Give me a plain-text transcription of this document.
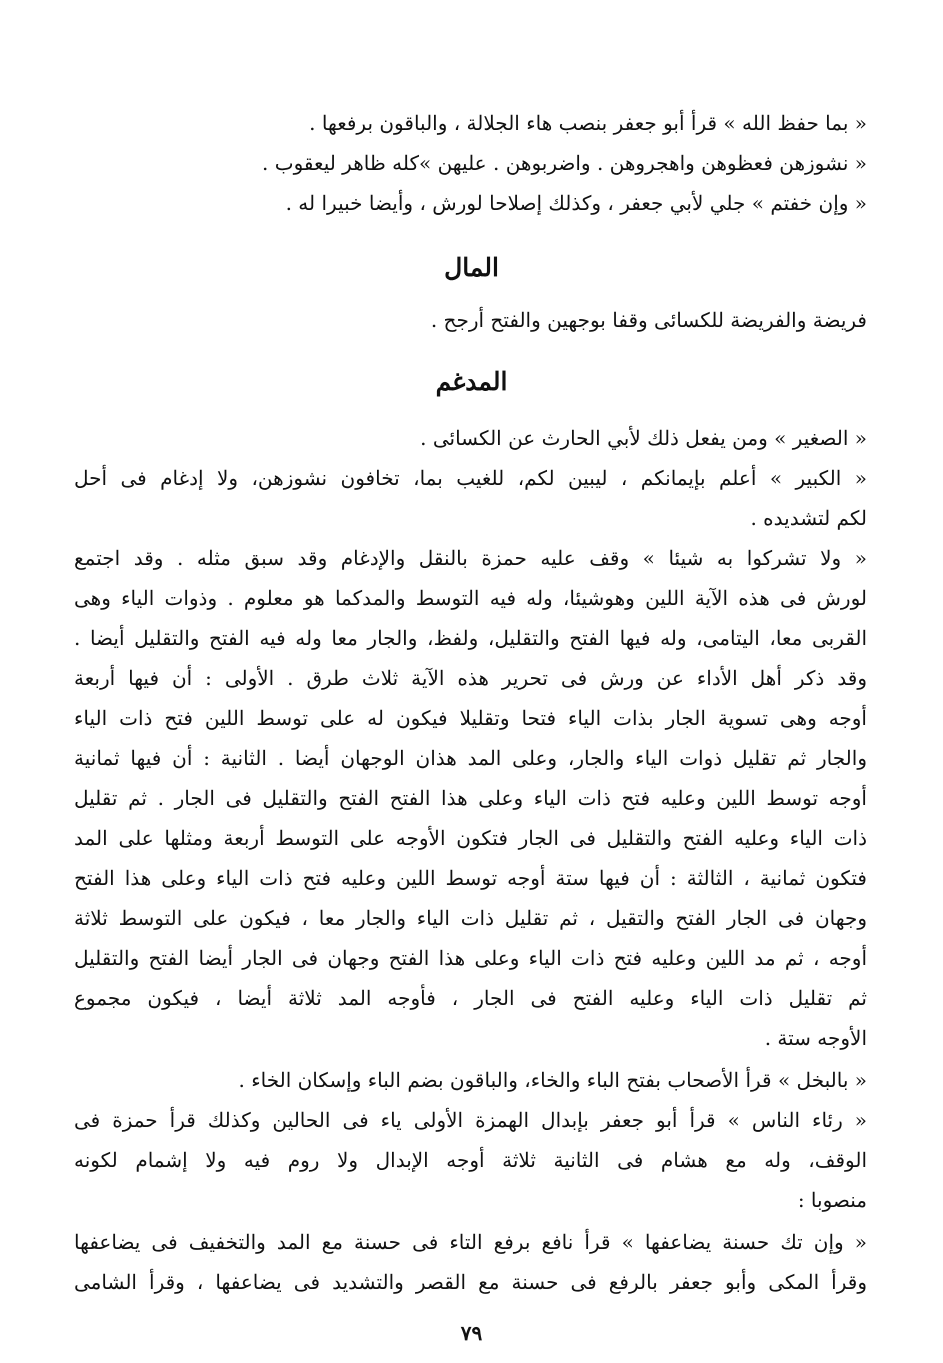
« بما حفظ الله » قرأ أبو جعفر بنصب هاء الجلالة ، والباقون برفعها .
« نشوزهن فعظوهن واهجروهن . واضربوهن . عليهن »كله ظاهر ليعقوب .
« وإن خفتم » جلي لأبي جعفر ، وكذلك إصلاحا لورش ، وأيضا خبيرا له .
المال
فريضة والفريضة للكسائى وقفا بوجهين والفتح أرجح .
المدغم
« الصغير » ومن يفعل ذلك لأبي الحارث عن الكسائى .
« الكبير » أعلم بإيمانكم ، ليبين لكم، للغيب بما، تخافون نشوزهن، ولا إدغام فى أحل
لكم لتشديده .
« ولا تشركوا به شيئا » وقف عليه حمزة بالنقل والإدغام وقد سبق مثله . وقد اجتمع
لورش فى هذه الآية اللين وهوشيئا، وله فيه التوسط والمدكما هو معلوم . وذوات الياء وهى
القربى معا، اليتامى، وله فيها الفتح والتقليل، ولفظ، والجار معا وله فيه الفتح والتقليل أيضا .
وقد ذكر أهل الأداء عن ورش فى تحرير هذه الآية ثلاث طرق . الأولى : أن فيها أربعة
أوجه وهى تسوية الجار بذات الياء فتحا وتقليلا فيكون له على توسط اللين فتح ذات الياء
والجار ثم تقليل ذوات الياء والجار، وعلى المد هذان الوجهان أيضا . الثانية : أن فيها ثمانية
أوجه توسط اللين وعليه فتح ذات الياء وعلى هذا الفتح الفتح والتقليل فى الجار . ثم تقليل
ذات الياء وعليه الفتح والتقليل فى الجار فتكون الأوجه على التوسط أربعة ومثلها على المد
فتكون ثمانية ، الثالثة : أن فيها ستة أوجه توسط اللين وعليه فتح ذات الياء وعلى هذا الفتح
وجهان فى الجار الفتح والتقيل ، ثم تقليل ذات الياء والجار معا ، فيكون على التوسط ثلاثة
أوجه ، ثم مد اللين وعليه فتح ذات الياء وعلى هذا الفتح وجهان فى الجار أيضا الفتح والتقليل
ثم تقليل ذات الياء وعليه الفتح فى الجار ، فأوجه المد ثلاثة أيضا ، فيكون مجموع
الأوجه ستة .
« بالبخل » قرأ الأصحاب بفتح الباء والخاء، والباقون بضم الباء وإسكان الخاء .
« رئاء الناس » قرأ أبو جعفر بإبدال الهمزة الأولى ياء فى الحالين وكذلك قرأ حمزة فى
الوقف، وله مع هشام فى الثانية ثلاثة أوجه الإبدال ولا روم فيه ولا إشمام لكونه
منصوبا :
« وإن تك حسنة يضاعفها » قرأ نافع برفع التاء فى حسنة مع المد والتخفيف فى يضاعفها
وقرأ المكى وأبو جعفر بالرفع فى حسنة مع القصر والتشديد فى يضاعفها ، وقرأ الشامى
٧٩
